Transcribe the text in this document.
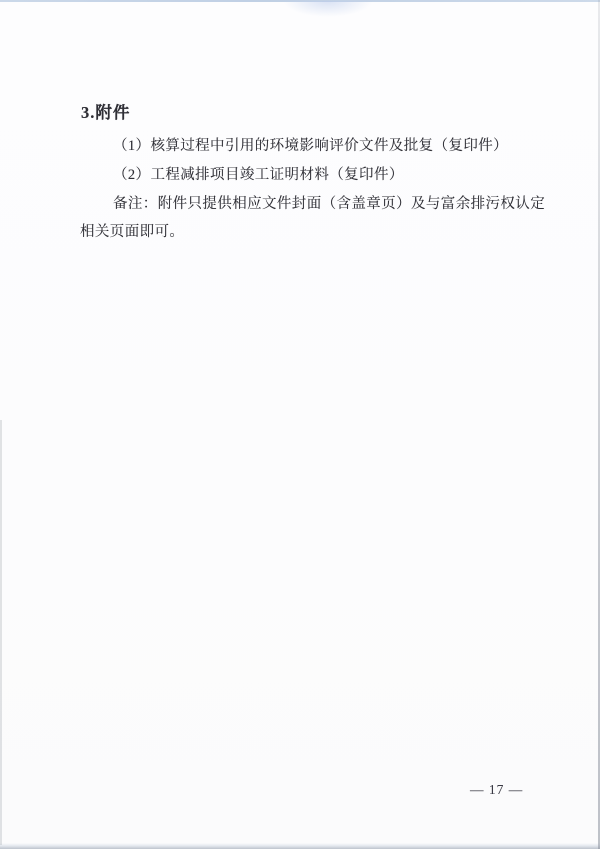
3.附件
（1）核算过程中引用的环境影响评价文件及批复（复印件）
（2）工程减排项目竣工证明材料（复印件）
备注：附件只提供相应文件封面（含盖章页）及与富余排污权认定
相关页面即可。
— 17 —
